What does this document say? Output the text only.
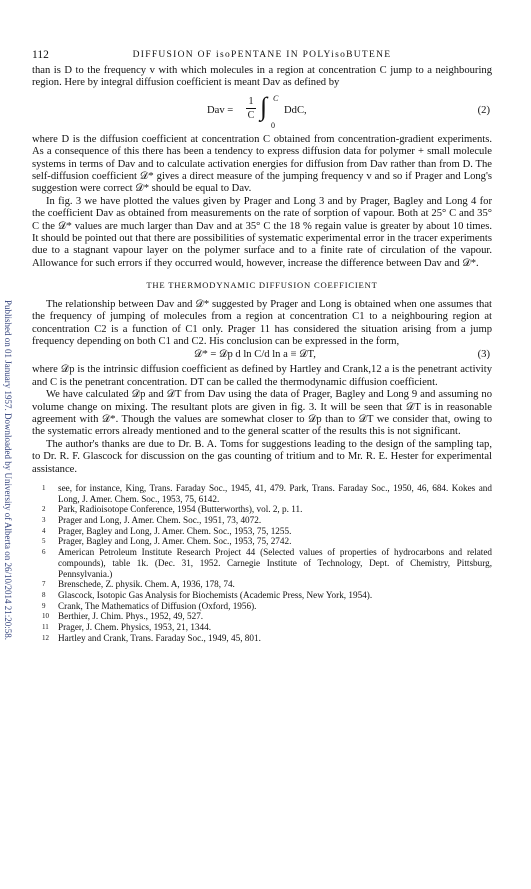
112	DIFFUSION OF isoPENTANE IN POLYisoBUTENE
Published on 01 January 1957. Downloaded by University of Alberta on 26/10/2014 21:20:58.

than is D to the frequency v with which molecules in a region at concentration C jump to a neighbouring region. Here by integral diffusion coefficient is meant Dav as defined by

Dav =
1
C ∫ C
0
DdC,	(2)

where D is the diffusion coefficient at concentration C obtained from concentration-gradient experiments. As a consequence of this there has been a tendency to express diffusion data for polymer + small molecule systems in terms of Dav and to calculate activation energies for diffusion from Dav rather than from D. The self-diffusion coefficient 𝒟* gives a direct measure of the jumping frequency v and so if Prager and Long's suggestion were correct 𝒟* should be equal to Dav.

In fig. 3 we have plotted the values given by Prager and Long 3 and by Prager, Bagley and Long 4 for the coefficient Dav as obtained from measurements on the rate of sorption of vapour. Both at 25° C and 35° C the 𝒟* values are much larger than Dav and at 35° C the 18 % regain value is greater by about 10 times. It should be pointed out that there are possibilities of systematic experimental error in the tracer experiments due to a stagnant vapour layer on the polymer surface and to a finite rate of circulation of the vapour. Allowance for such errors if they occurred would, however, increase the difference between Dav and 𝒟*.

THE THERMODYNAMIC DIFFUSION COEFFICIENT

The relationship between Dav and 𝒟* suggested by Prager and Long is obtained when one assumes that the frequency of jumping of molecules from a region at concentration C1 to a neighbouring region at concentration C2 is a function of C1 only. Prager 11 has considered the situation arising from a jump frequency depending on both C1 and C2. His conclusion can be expressed in the form,

𝒟* = 𝒟p d ln C/d ln a ≡ 𝒟T,	(3)

where 𝒟p is the intrinsic diffusion coefficient as defined by Hartley and Crank,12 a is the penetrant activity and C is the penetrant concentration. DT can be called the thermodynamic diffusion coefficient.

We have calculated 𝒟p and 𝒟T from Dav using the data of Prager, Bagley and Long 9 and assuming no volume change on mixing. The resultant plots are given in fig. 3. It will be seen that 𝒟T is in reasonable agreement with 𝒟*. Though the values are somewhat closer to 𝒟p than to 𝒟T we consider that, owing to the systematic errors already mentioned and to the general scatter of the results this is not significant.

The author's thanks are due to Dr. B. A. Toms for suggestions leading to the design of the sampling tap, to Dr. R. F. Glascock for discussion on the gas counting of tritium and to Mr. R. E. Hester for experimental assistance.

1 see, for instance, King, Trans. Faraday Soc., 1945, 41, 479. Park, Trans. Faraday Soc., 1950, 46, 684. Kokes and Long, J. Amer. Chem. Soc., 1953, 75, 6142.
2 Park, Radioisotope Conference, 1954 (Butterworths), vol. 2, p. 11.
3 Prager and Long, J. Amer. Chem. Soc., 1951, 73, 4072.
4 Prager, Bagley and Long, J. Amer. Chem. Soc., 1953, 75, 1255.
5 Prager, Bagley and Long, J. Amer. Chem. Soc., 1953, 75, 2742.
6 American Petroleum Institute Research Project 44 (Selected values of properties of hydrocarbons and related compounds), table 1k. (Dec. 31, 1952. Carnegie Institute of Technology, Dept. of Chemistry, Pittsburg, Pennsylvania.)
7 Brenschede, Z. physik. Chem. A, 1936, 178, 74.
8 Glascock, Isotopic Gas Analysis for Biochemists (Academic Press, New York, 1954).
9 Crank, The Mathematics of Diffusion (Oxford, 1956).
10 Berthier, J. Chim. Phys., 1952, 49, 527.
11 Prager, J. Chem. Physics, 1953, 21, 1344.
12 Hartley and Crank, Trans. Faraday Soc., 1949, 45, 801.
